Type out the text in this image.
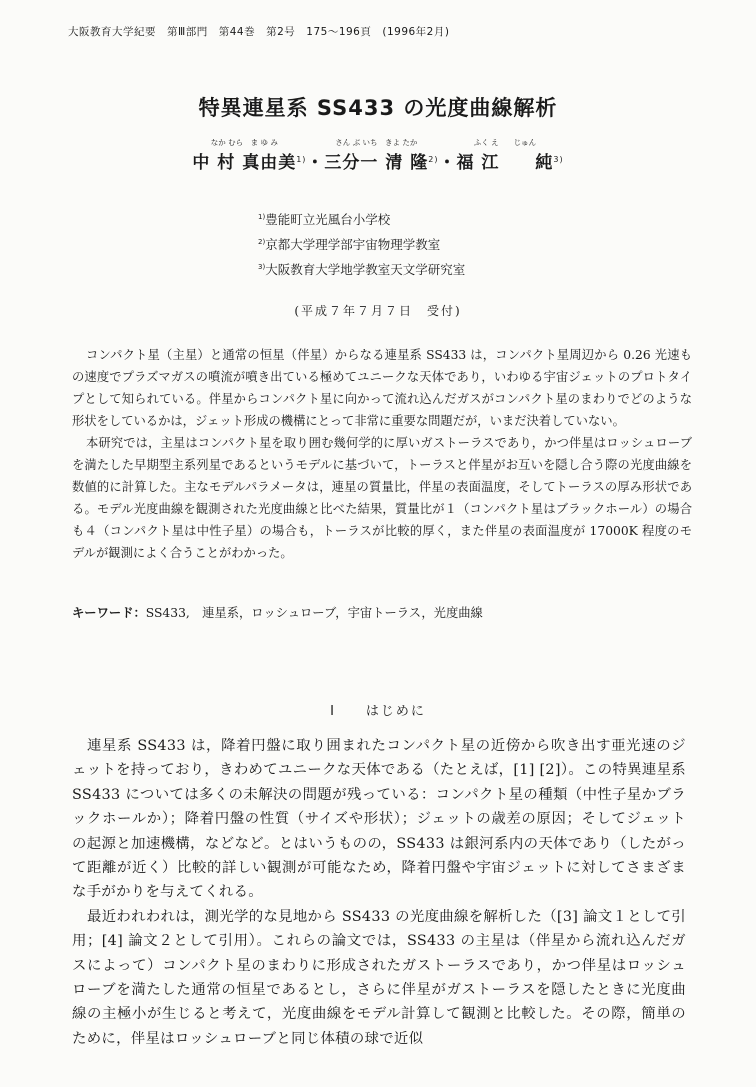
大阪教育大学紀要　第Ⅲ部門　第44巻　第2号　175〜196頁　(1996年2月)
特異連星系 SS433 の光度曲線解析
なか むら　ま ゆ み
中 村 真由美$^{1)}$・
さん ぶ いち　きよ たか
三分一 清 隆$^{2)}$・
ふく え　　じゅん
福 江　　純$^{3)}$
$^{1)}$豊能町立光風台小学校
$^{2)}$京都大学理学部宇宙物理学教室
$^{3)}$大阪教育大学地学教室天文学研究室
(平成７年７月７日　受付)

コンパクト星（主星）と通常の恒星（伴星）からなる連星系 SS433 は，コンパクト星周辺から 0.26 光速もの速度でプラズマガスの噴流が噴き出ている極めてユニークな天体であり，いわゆる宇宙ジェットのプロトタイプとして知られている。伴星からコンパクト星に向かって流れ込んだガスがコンパクト星のまわりでどのような形状をしているかは，ジェット形成の機構にとって非常に重要な問題だが，いまだ決着していない。

本研究では，主星はコンパクト星を取り囲む幾何学的に厚いガストーラスであり，かつ伴星はロッシュローブを満たした早期型主系列星であるというモデルに基づいて，トーラスと伴星がお互いを隠し合う際の光度曲線を数値的に計算した。主なモデルパラメータは，連星の質量比，伴星の表面温度，そしてトーラスの厚み形状である。モデル光度曲線を観測された光度曲線と比べた結果，質量比が１（コンパクト星はブラックホール）の場合も４（コンパクト星は中性子星）の場合も，トーラスが比較的厚く，また伴星の表面温度が 17000K 程度のモデルが観測によく合うことがわかった。

キーワード：SS433,　連星系，ロッシュローブ，宇宙トーラス，光度曲線
I　　はじめに

連星系 SS433 は，降着円盤に取り囲まれたコンパクト星の近傍から吹き出す亜光速のジェットを持っており，きわめてユニークな天体である（たとえば，[1] [2]）。この特異連星系 SS433 については多くの未解決の問題が残っている：コンパクト星の種類（中性子星かブラックホールか）；降着円盤の性質（サイズや形状）；ジェットの歳差の原因；そしてジェットの起源と加速機構，などなど。とはいうものの，SS433 は銀河系内の天体であり（したがって距離が近く）比較的詳しい観測が可能なため，降着円盤や宇宙ジェットに対してさまざまな手がかりを与えてくれる。

最近われわれは，測光学的な見地から SS433 の光度曲線を解析した（[3] 論文１として引用；[4] 論文２として引用）。これらの論文では，SS433 の主星は（伴星から流れ込んだガスによって）コンパクト星のまわりに形成されたガストーラスであり，かつ伴星はロッシュローブを満たした通常の恒星であるとし，さらに伴星がガストーラスを隠したときに光度曲線の主極小が生じると考えて，光度曲線をモデル計算して観測と比較した。その際，簡単のために，伴星はロッシュローブと同じ体積の球で近似
